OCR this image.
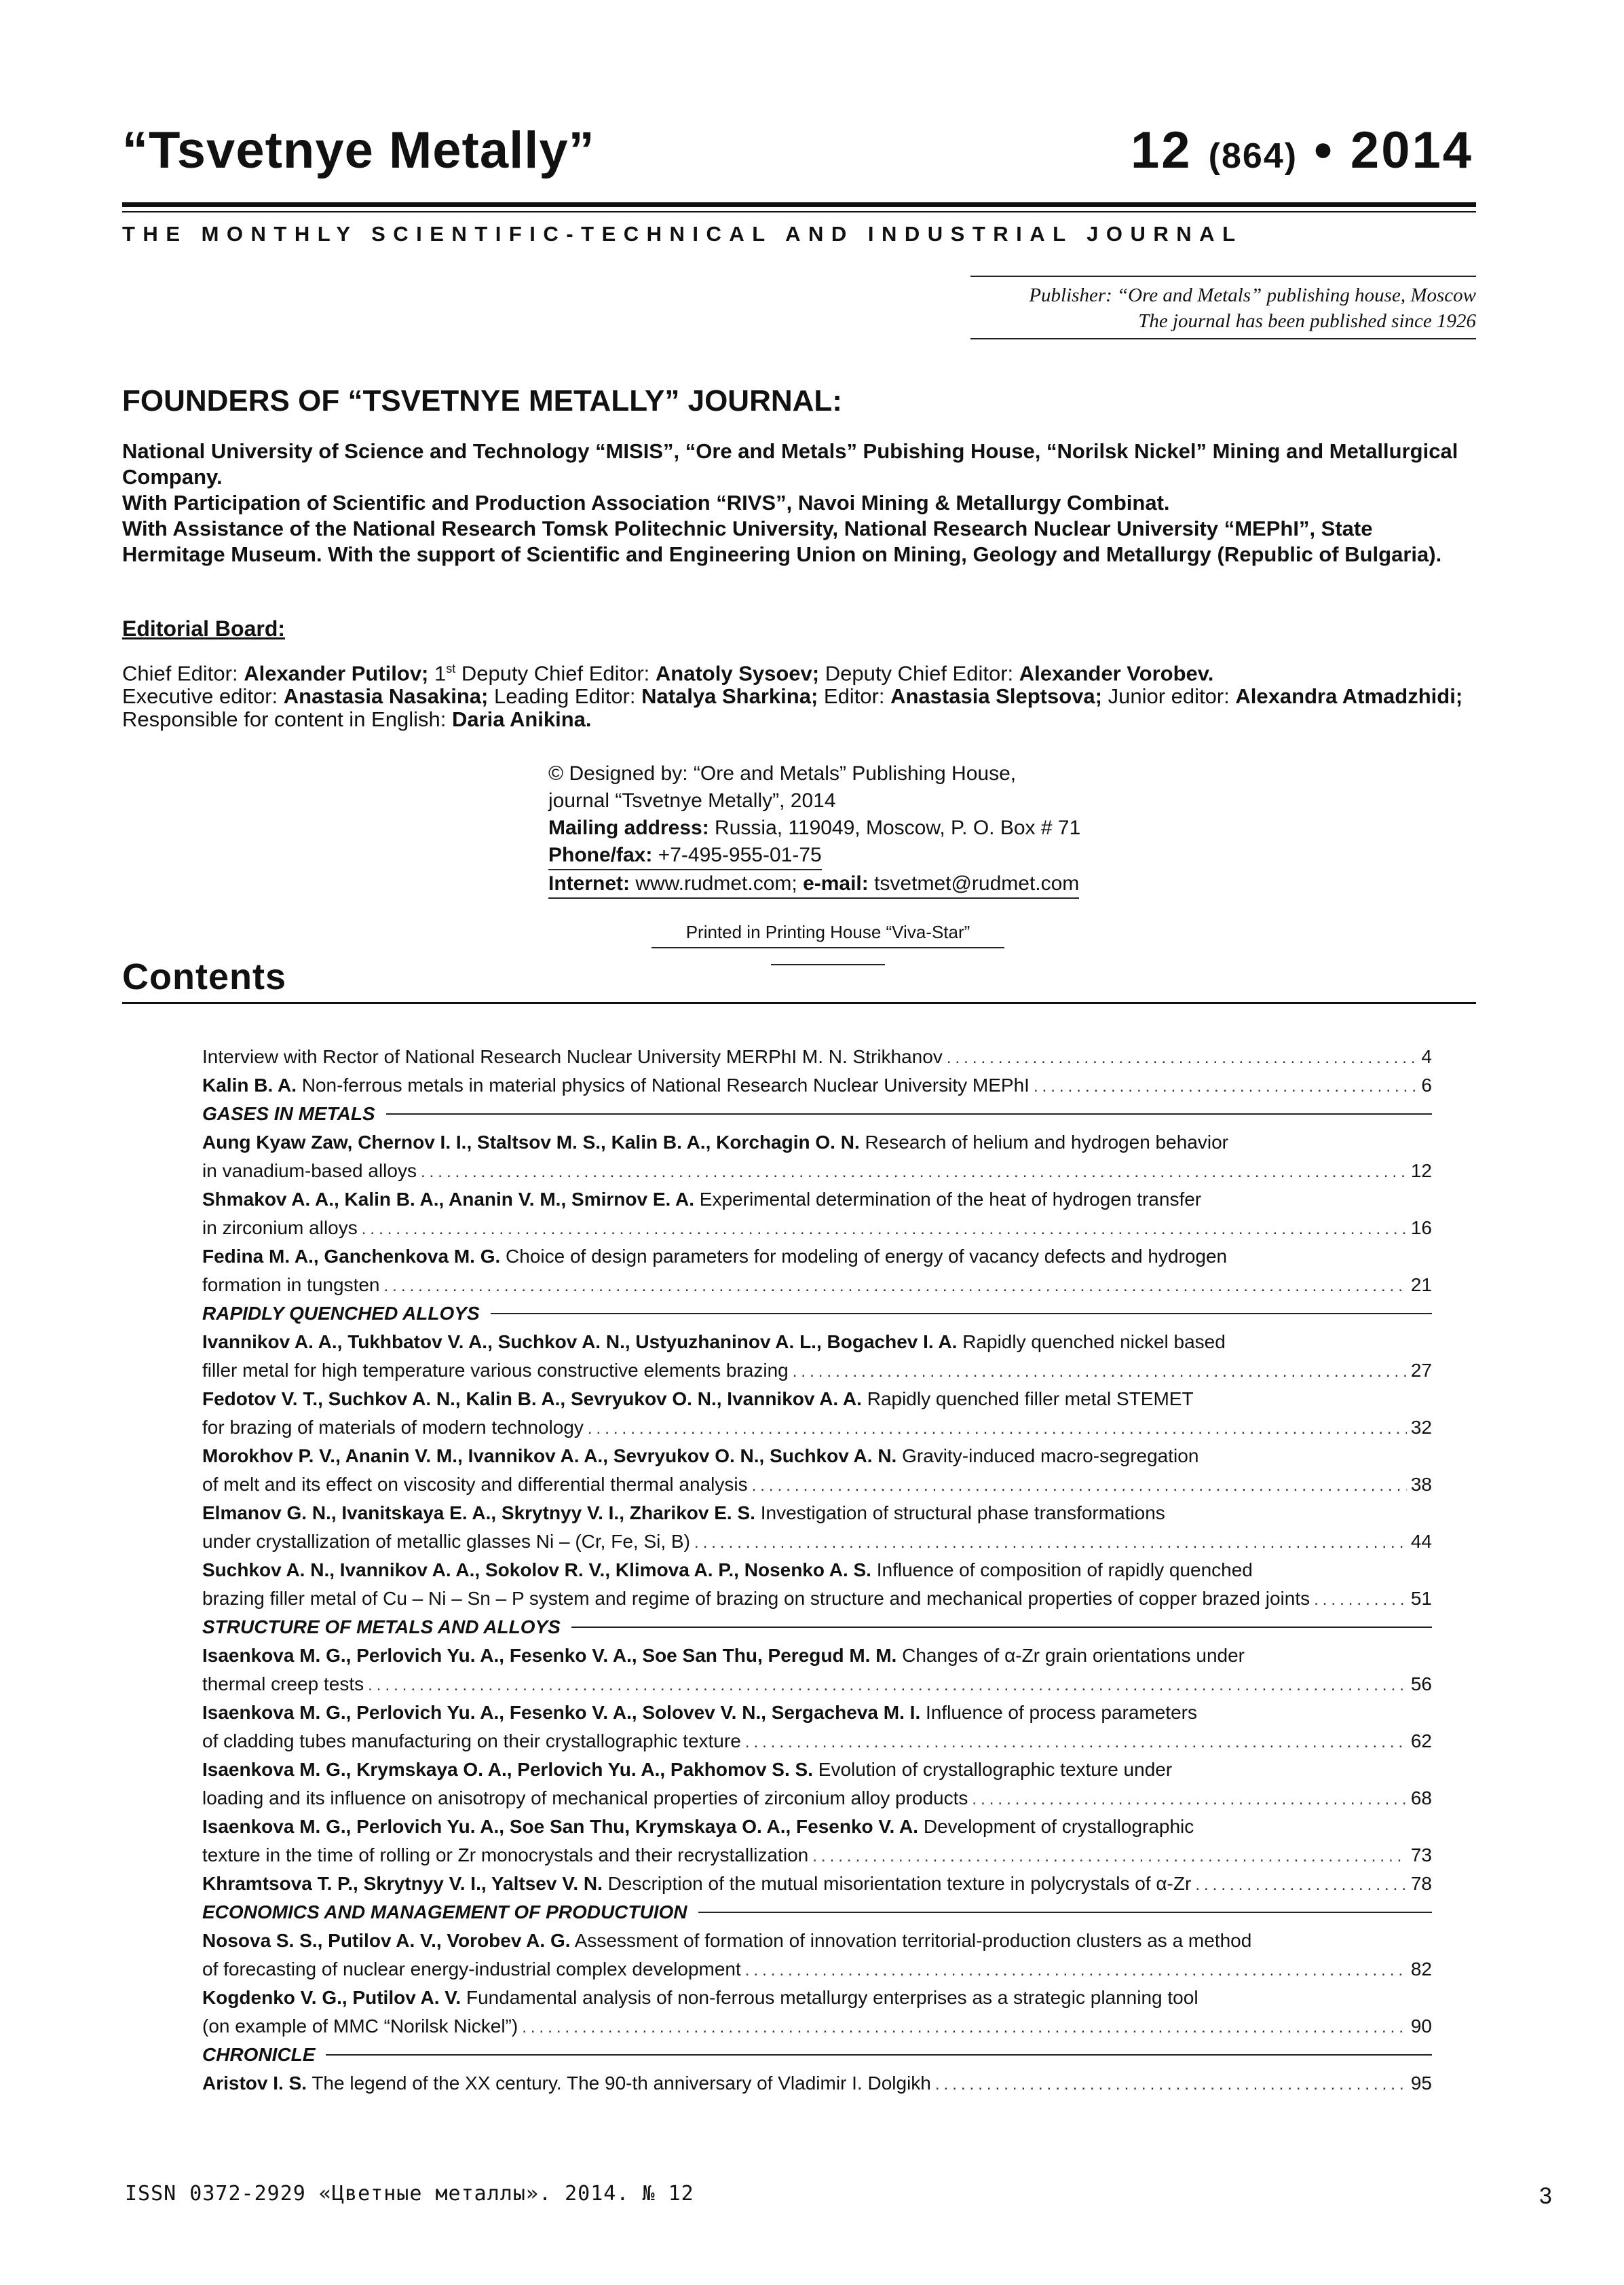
“Tsvetnye Metally”	12 (864) • 2014
THE MONTHLY SCIENTIFIC-TECHNICAL AND INDUSTRIAL JOURNAL
Publisher: “Ore and Metals” publishing house, Moscow
The journal has been published since 1926
FOUNDERS OF “TSVETNYE METALLY” JOURNAL:

National University of Science and Technology “MISIS”, “Ore and Metals” Pubishing House, “Norilsk Nickel” Mining and Metallurgical Company.

With Participation of Scientific and Production Association “RIVS”, Navoi Mining & Metallurgy Combinat.

With Assistance of the National Research Tomsk Politechnic University, National Research Nuclear University “MEPhI”, State Hermitage Museum. With the support of Scientific and Engineering Union on Mining, Geology and Metallurgy (Republic of Bulgaria).

Editorial Board:

Chief Editor: Alexander Putilov; 1st Deputy Chief Editor: Anatoly Sysoev; Deputy Chief Editor: Alexander Vorobev.

Executive editor: Anastasia Nasakina; Leading Editor: Natalya Sharkina; Editor: Anastasia Sleptsova; Junior editor: Alexandra Atmadzhidi; Responsible for content in English: Daria Anikina.

© Designed by: “Ore and Metals” Publishing House,

journal “Tsvetnye Metally”, 2014

Mailing address: Russia, 119049, Moscow, P. O. Box # 71

Phone/fax: +7-495-955-01-75

Internet: www.rudmet.com; e-mail: tsvetmet@rudmet.com

Printed in Printing House “Viva-Star”
Contents
Interview with Rector of National Research Nuclear University MERPhI M. N. Strikhanov .....	4
Kalin B. A. Non-ferrous metals in material physics of National Research Nuclear University MEPhI .....	6
GASES IN METALS
Aung Kyaw Zaw, Chernov I. I., Staltsov M. S., Kalin B. A., Korchagin O. N. Research of helium and hydrogen behavior
in vanadium-based alloys .....	12
Shmakov A. A., Kalin B. A., Ananin V. M., Smirnov E. A. Experimental determination of the heat of hydrogen transfer
in zirconium alloys .....	16
Fedina M. A., Ganchenkova M. G. Choice of design parameters for modeling of energy of vacancy defects and hydrogen
formation in tungsten .....	21
RAPIDLY QUENCHED ALLOYS
Ivannikov A. A., Tukhbatov V. A., Suchkov A. N., Ustyuzhaninov A. L., Bogachev I. A. Rapidly quenched nickel based
filler metal for high temperature various constructive elements brazing .....	27
Fedotov V. T., Suchkov A. N., Kalin B. A., Sevryukov O. N., Ivannikov A. A. Rapidly quenched filler metal STEMET
for brazing of materials of modern technology .....	32
Morokhov P. V., Ananin V. M., Ivannikov A. A., Sevryukov O. N., Suchkov A. N. Gravity-induced macro-segregation
of melt and its effect on viscosity and differential thermal analysis .....	38
Elmanov G. N., Ivanitskaya E. A., Skrytnyy V. I., Zharikov E. S. Investigation of structural phase transformations
under crystallization of metallic glasses Ni – (Cr, Fe, Si, B) .....	44
Suchkov A. N., Ivannikov A. A., Sokolov R. V., Klimova A. P., Nosenko A. S. Influence of composition of rapidly quenched
brazing filler metal of Cu – Ni – Sn – P system and regime of brazing on structure and mechanical properties of copper brazed joints .....	51
STRUCTURE OF METALS AND ALLOYS
Isaenkova M. G., Perlovich Yu. A., Fesenko V. A., Soe San Thu, Peregud M. M. Changes of α-Zr grain orientations under
thermal creep tests .....	56
Isaenkova M. G., Perlovich Yu. A., Fesenko V. A., Solovev V. N., Sergacheva M. I. Influence of process parameters
of cladding tubes manufacturing on their crystallographic texture .....	62
Isaenkova M. G., Krymskaya O. A., Perlovich Yu. A., Pakhomov S. S. Evolution of crystallographic texture under
loading and its influence on anisotropy of mechanical properties of zirconium alloy products .....	68
Isaenkova M. G., Perlovich Yu. A., Soe San Thu, Krymskaya O. A., Fesenko V. A. Development of crystallographic
texture in the time of rolling or Zr monocrystals and their recrystallization .....	73
Khramtsova T. P., Skrytnyy V. I., Yaltsev V. N. Description of the mutual misorientation texture in polycrystals of α-Zr .....	78
ECONOMICS AND MANAGEMENT OF PRODUCTUION
Nosova S. S., Putilov A. V., Vorobev A. G. Assessment of formation of innovation territorial-production clusters as a method
of forecasting of nuclear energy-industrial complex development .....	82
Kogdenko V. G., Putilov A. V. Fundamental analysis of non-ferrous metallurgy enterprises as a strategic planning tool
(on example of MMC “Norilsk Nickel”) .....	90
CHRONICLE
Aristov I. S. The legend of the XX century. The 90-th anniversary of Vladimir I. Dolgikh .....	95
ISSN 0372-2929 «Цветные металлы». 2014. № 12	3
